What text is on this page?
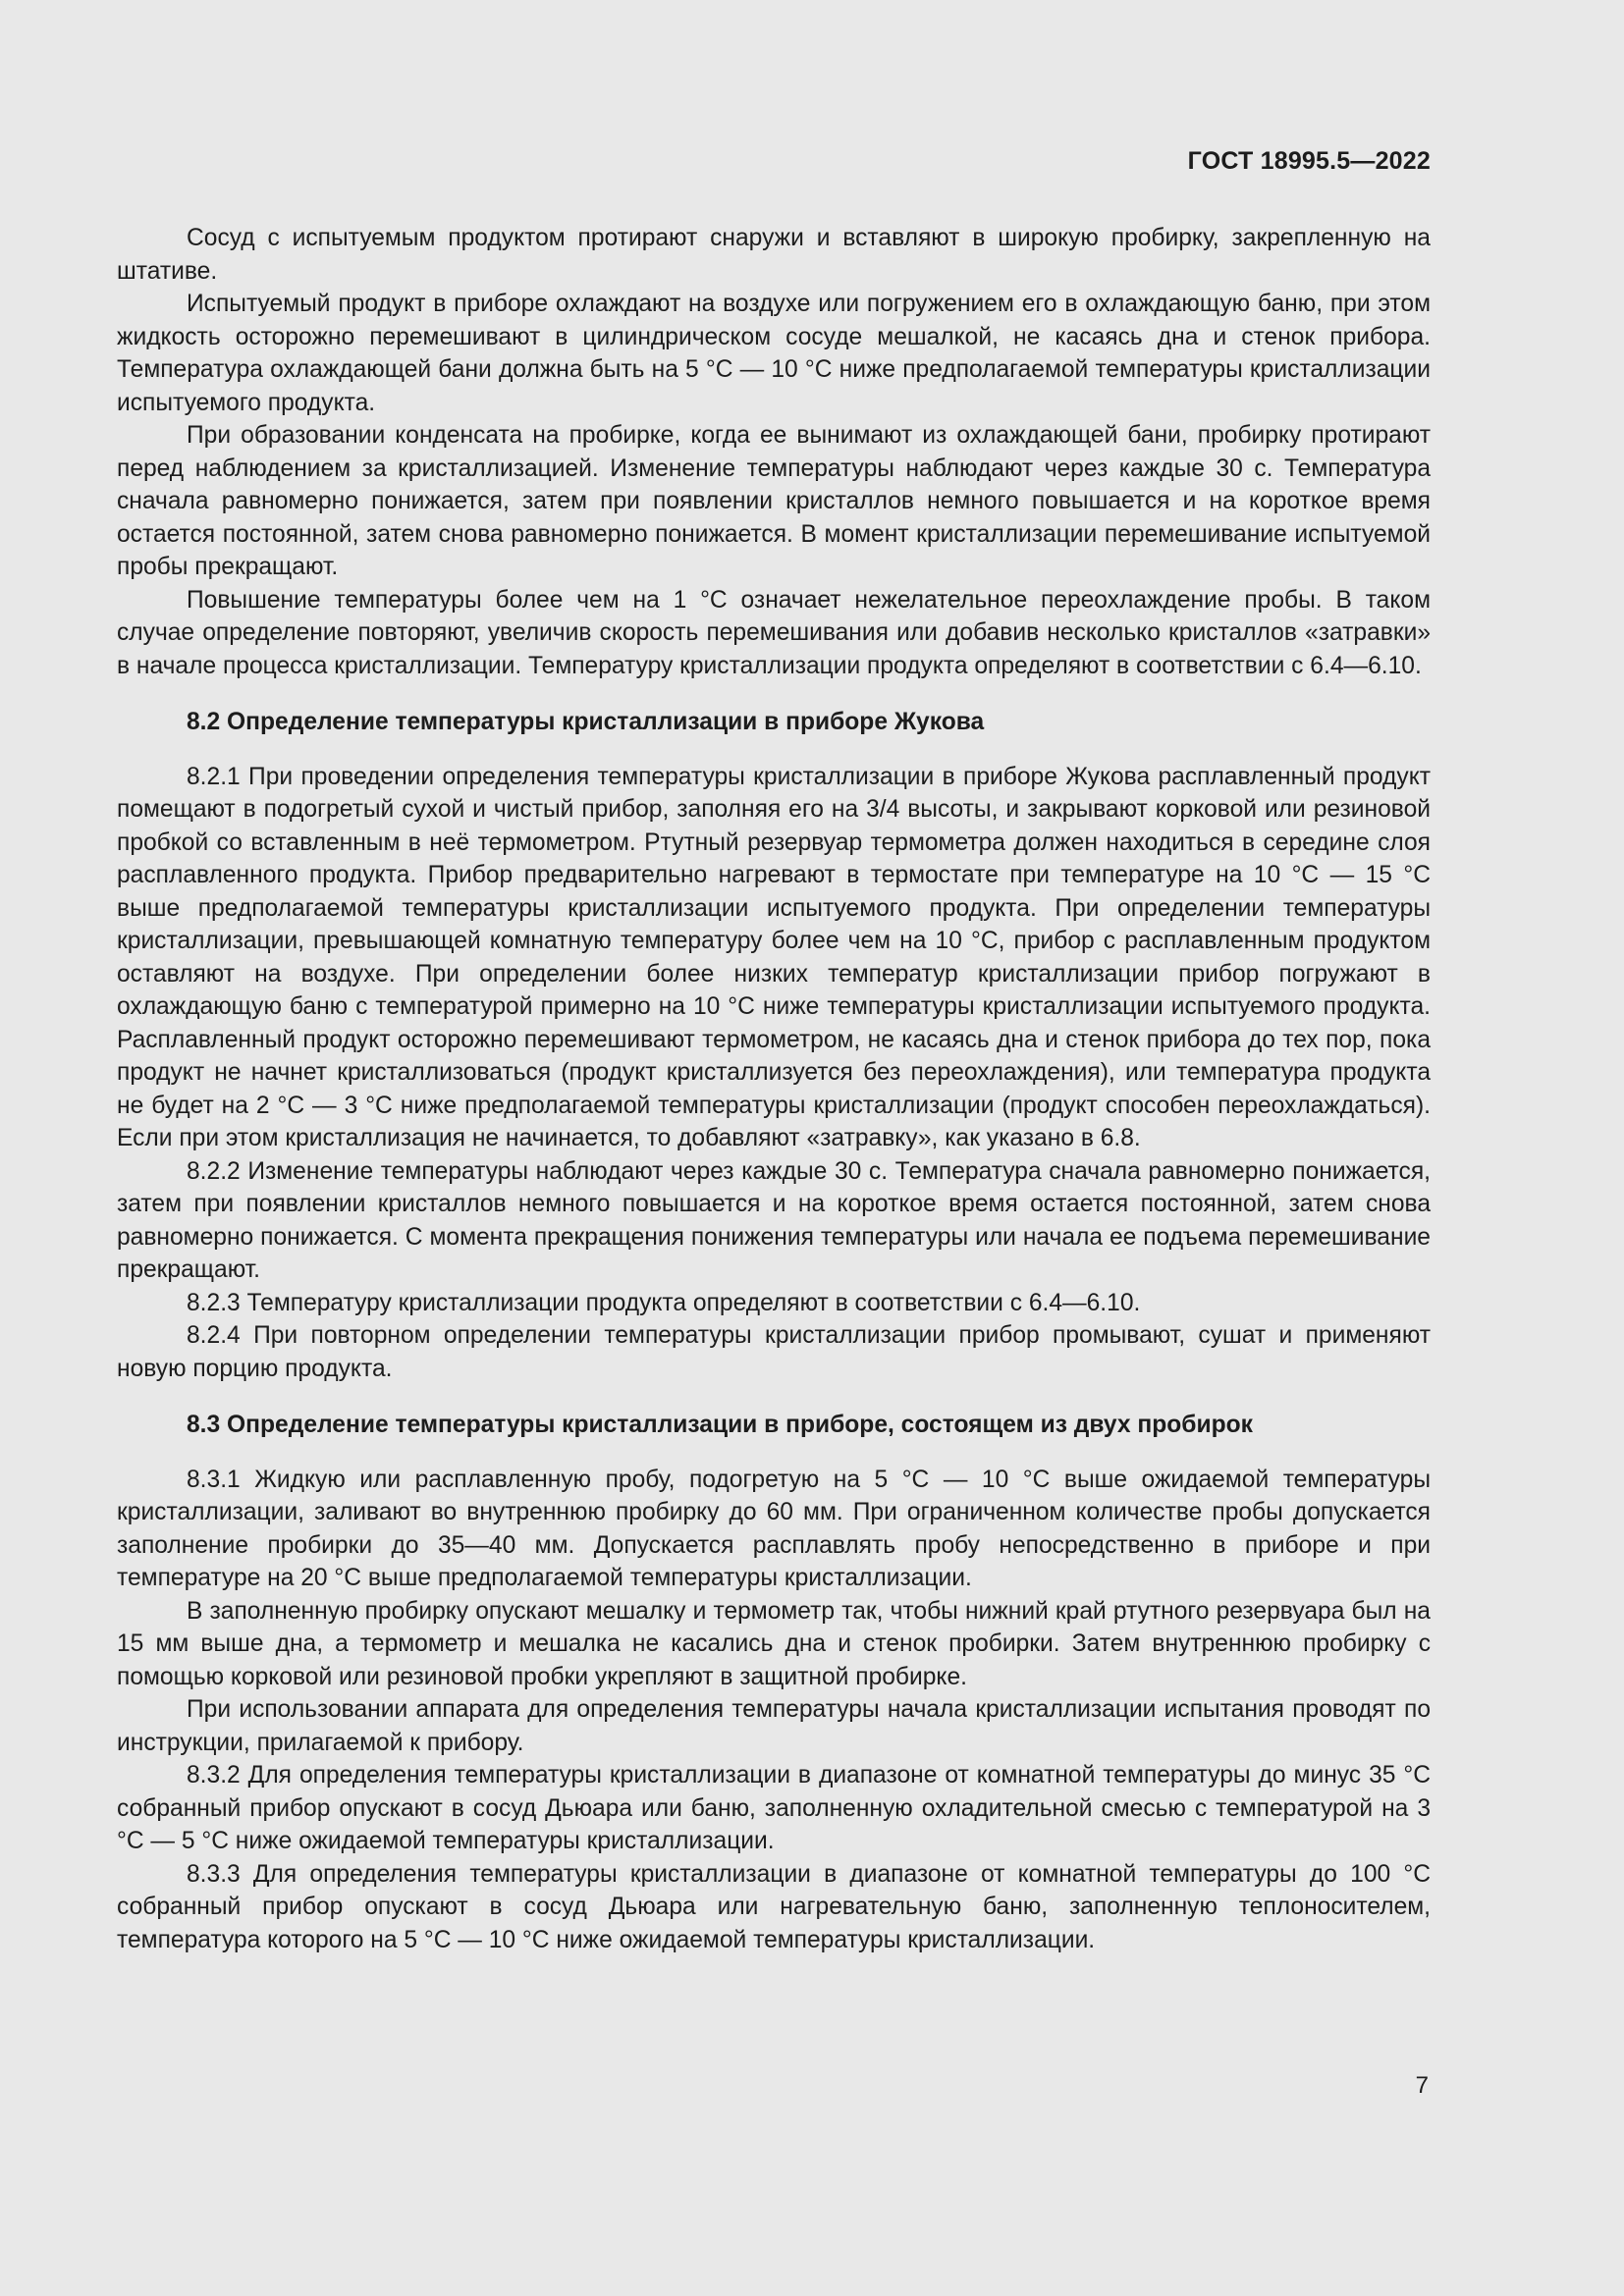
ГОСТ 18995.5—2022

Сосуд с испытуемым продуктом протирают снаружи и вставляют в широкую пробирку, закрепленную на штативе.

Испытуемый продукт в приборе охлаждают на воздухе или погружением его в охлаждающую баню, при этом жидкость осторожно перемешивают в цилиндрическом сосуде мешалкой, не касаясь дна и стенок прибора. Температура охлаждающей бани должна быть на 5 °C — 10 °C ниже предполагаемой температуры кристаллизации испытуемого продукта.

При образовании конденсата на пробирке, когда ее вынимают из охлаждающей бани, пробирку протирают перед наблюдением за кристаллизацией. Изменение температуры наблюдают через каждые 30 с. Температура сначала равномерно понижается, затем при появлении кристаллов немного повышается и на короткое время остается постоянной, затем снова равномерно понижается. В момент кристаллизации перемешивание испытуемой пробы прекращают.

Повышение температуры более чем на 1 °C означает нежелательное переохлаждение пробы. В таком случае определение повторяют, увеличив скорость перемешивания или добавив несколько кристаллов «затравки» в начале процесса кристаллизации. Температуру кристаллизации продукта определяют в соответствии с 6.4—6.10.

8.2 Определение температуры кристаллизации в приборе Жукова

8.2.1 При проведении определения температуры кристаллизации в приборе Жукова расплавленный продукт помещают в подогретый сухой и чистый прибор, заполняя его на 3/4 высоты, и закрывают корковой или резиновой пробкой со вставленным в неё термометром. Ртутный резервуар термометра должен находиться в середине слоя расплавленного продукта. Прибор предварительно нагревают в термостате при температуре на 10 °C — 15 °C выше предполагаемой температуры кристаллизации испытуемого продукта. При определении температуры кристаллизации, превышающей комнатную температуру более чем на 10 °C, прибор с расплавленным продуктом оставляют на воздухе. При определении более низких температур кристаллизации прибор погружают в охлаждающую баню с температурой примерно на 10 °C ниже температуры кристаллизации испытуемого продукта. Расплавленный продукт осторожно перемешивают термометром, не касаясь дна и стенок прибора до тех пор, пока продукт не начнет кристаллизоваться (продукт кристаллизуется без переохлаждения), или температура продукта не будет на 2 °C — 3 °C ниже предполагаемой температуры кристаллизации (продукт способен переохлаждаться). Если при этом кристаллизация не начинается, то добавляют «затравку», как указано в 6.8.

8.2.2 Изменение температуры наблюдают через каждые 30 с. Температура сначала равномерно понижается, затем при появлении кристаллов немного повышается и на короткое время остается постоянной, затем снова равномерно понижается. С момента прекращения понижения температуры или начала ее подъема перемешивание прекращают.

8.2.3 Температуру кристаллизации продукта определяют в соответствии с 6.4—6.10.

8.2.4 При повторном определении температуры кристаллизации прибор промывают, сушат и применяют новую порцию продукта.

8.3 Определение температуры кристаллизации в приборе, состоящем из двух пробирок

8.3.1 Жидкую или расплавленную пробу, подогретую на 5 °C — 10 °C выше ожидаемой температуры кристаллизации, заливают во внутреннюю пробирку до 60 мм. При ограниченном количестве пробы допускается заполнение пробирки до 35—40 мм. Допускается расплавлять пробу непосредственно в приборе и при температуре на 20 °C выше предполагаемой температуры кристаллизации.

В заполненную пробирку опускают мешалку и термометр так, чтобы нижний край ртутного резервуара был на 15 мм выше дна, а термометр и мешалка не касались дна и стенок пробирки. Затем внутреннюю пробирку с помощью корковой или резиновой пробки укрепляют в защитной пробирке.

При использовании аппарата для определения температуры начала кристаллизации испытания проводят по инструкции, прилагаемой к прибору.

8.3.2 Для определения температуры кристаллизации в диапазоне от комнатной температуры до минус 35 °C собранный прибор опускают в сосуд Дьюара или баню, заполненную охладительной смесью с температурой на 3 °C — 5 °C ниже ожидаемой температуры кристаллизации.

8.3.3 Для определения температуры кристаллизации в диапазоне от комнатной температуры до 100 °C собранный прибор опускают в сосуд Дьюара или нагревательную баню, заполненную теплоносителем, температура которого на 5 °C — 10 °C ниже ожидаемой температуры кристаллизации.

7
